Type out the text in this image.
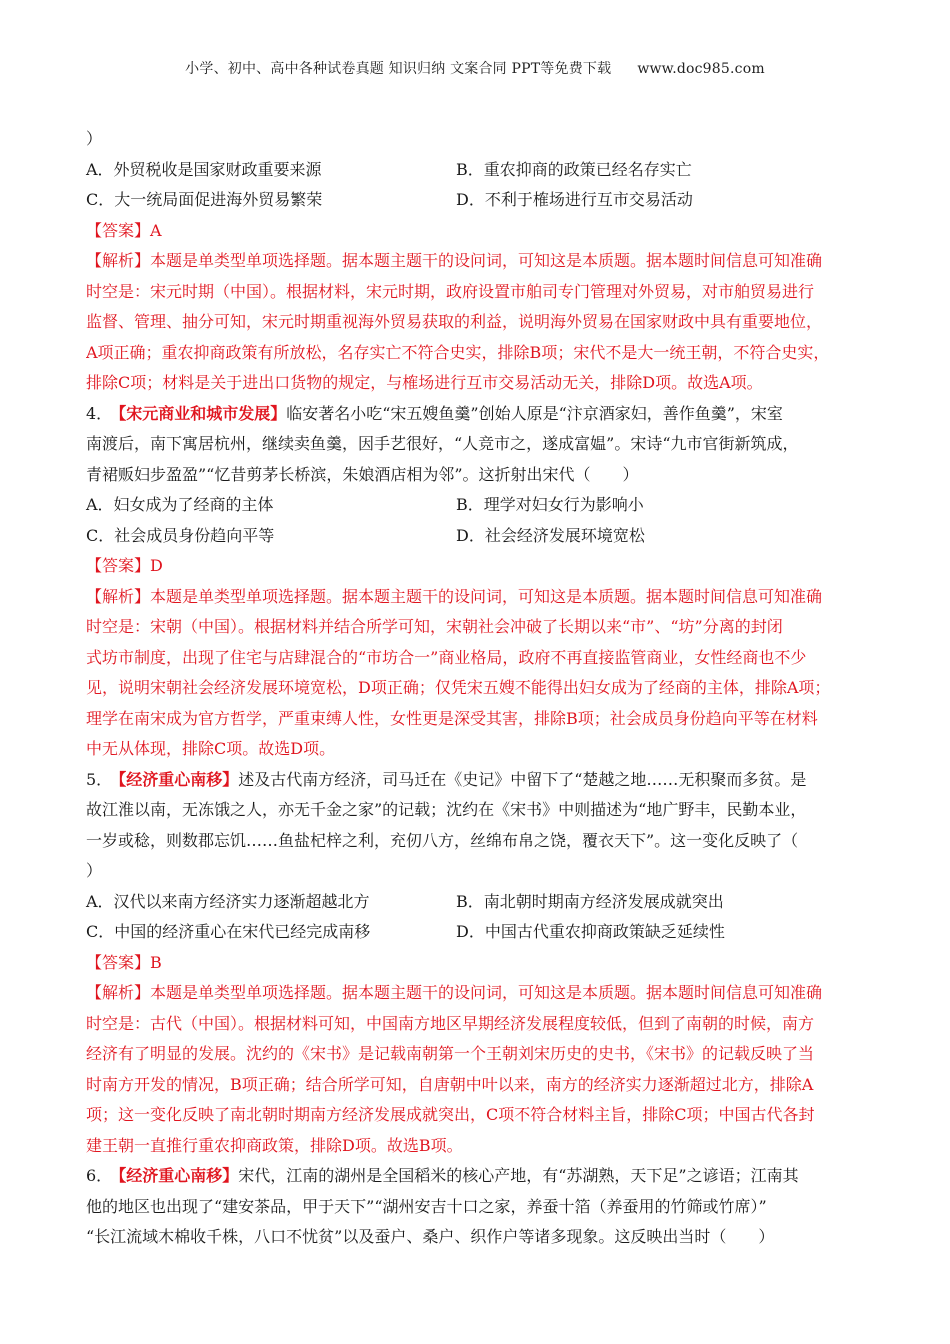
小学、初中、高中各种试卷真题 知识归纳 文案合同 PPT等免费下载 www.doc985.com
）
A．外贸税收是国家财政重要来源	B．重农抑商的政策已经名存实亡
C．大一统局面促进海外贸易繁荣	D．不利于榷场进行互市交易活动
【答案】A
【解析】本题是单类型单项选择题。据本题主题干的设问词，可知这是本质题。据本题时间信息可知准确
时空是：宋元时期（中国）。根据材料，宋元时期，政府设置市舶司专门管理对外贸易，对市舶贸易进行
监督、管理、抽分可知，宋元时期重视海外贸易获取的利益，说明海外贸易在国家财政中具有重要地位，
A项正确；重农抑商政策有所放松，名存实亡不符合史实，排除B项；宋代不是大一统王朝，不符合史实，
排除C项；材料是关于进出口货物的规定，与榷场进行互市交易活动无关，排除D项。故选A项。
4． 【宋元商业和城市发展】临安著名小吃“宋五嫂鱼羹”创始人原是“汴京酒家妇，善作鱼羹”，宋室
南渡后，南下寓居杭州，继续卖鱼羹，因手艺很好，“人竞市之，遂成富媪”。宋诗“九市官街新筑成，
青裙贩妇步盈盈”“忆昔剪茅长桥滨，朱娘酒店相为邻”。这折射出宋代（　　）
A．妇女成为了经商的主体	B．理学对妇女行为影响小
C．社会成员身份趋向平等	D．社会经济发展环境宽松
【答案】D
【解析】本题是单类型单项选择题。据本题主题干的设问词，可知这是本质题。据本题时间信息可知准确
时空是：宋朝（中国）。根据材料并结合所学可知，宋朝社会冲破了长期以来“市”、“坊”分离的封闭
式坊市制度，出现了住宅与店肆混合的“市坊合一”商业格局，政府不再直接监管商业，女性经商也不少
见，说明宋朝社会经济发展环境宽松，D项正确；仅凭宋五嫂不能得出妇女成为了经商的主体，排除A项；
理学在南宋成为官方哲学，严重束缚人性，女性更是深受其害，排除B项；社会成员身份趋向平等在材料
中无从体现，排除C项。故选D项。
5． 【经济重心南移】述及古代南方经济，司马迁在《史记》中留下了“楚越之地……无积聚而多贫。是
故江淮以南，无冻饿之人，亦无千金之家”的记载；沈约在《宋书》中则描述为“地广野丰，民勤本业，
一岁或稔，则数郡忘饥……鱼盐杞梓之利，充仞八方，丝绵布帛之饶，覆衣天下”。这一变化反映了（
）
A．汉代以来南方经济实力逐渐超越北方	B．南北朝时期南方经济发展成就突出
C．中国的经济重心在宋代已经完成南移	D．中国古代重农抑商政策缺乏延续性
【答案】B
【解析】本题是单类型单项选择题。据本题主题干的设问词，可知这是本质题。据本题时间信息可知准确
时空是：古代（中国）。根据材料可知，中国南方地区早期经济发展程度较低，但到了南朝的时候，南方
经济有了明显的发展。沈约的《宋书》是记载南朝第一个王朝刘宋历史的史书，《宋书》的记载反映了当
时南方开发的情况，B项正确；结合所学可知，自唐朝中叶以来，南方的经济实力逐渐超过北方，排除A
项；这一变化反映了南北朝时期南方经济发展成就突出，C项不符合材料主旨，排除C项；中国古代各封
建王朝一直推行重农抑商政策，排除D项。故选B项。
6． 【经济重心南移】宋代，江南的湖州是全国稻米的核心产地，有“苏湖熟，天下足”之谚语；江南其
他的地区也出现了“建安茶品，甲于天下”“湖州安吉十口之家，养蚕十箔（养蚕用的竹筛或竹席）”
“长江流域木棉收千株，八口不忧贫”以及蚕户、桑户、织作户等诸多现象。这反映出当时（　　）
